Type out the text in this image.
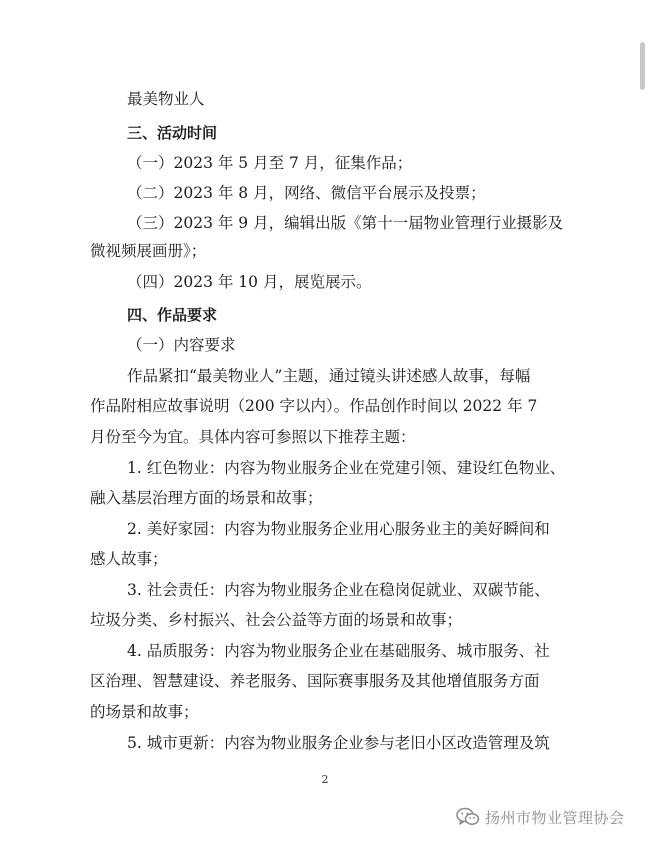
最美物业人
三、活动时间
（一）2023 年 5 月至 7 月，征集作品；
（二）2023 年 8 月，网络、微信平台展示及投票；
（三）2023 年 9 月，编辑出版《第十一届物业管理行业摄影及
微视频展画册》；
（四）2023 年 10 月，展览展示。
四、作品要求
（一）内容要求
作品紧扣“最美物业人”主题，通过镜头讲述感人故事，每幅
作品附相应故事说明（200 字以内）。作品创作时间以 2022 年 7
月份至今为宜。具体内容可参照以下推荐主题：
1. 红色物业：内容为物业服务企业在党建引领、建设红色物业、
融入基层治理方面的场景和故事；
2. 美好家园：内容为物业服务企业用心服务业主的美好瞬间和
感人故事；
3. 社会责任：内容为物业服务企业在稳岗促就业、双碳节能、
垃圾分类、乡村振兴、社会公益等方面的场景和故事；
4. 品质服务：内容为物业服务企业在基础服务、城市服务、社
区治理、智慧建设、养老服务、国际赛事服务及其他增值服务方面
的场景和故事；
5. 城市更新：内容为物业服务企业参与老旧小区改造管理及筑
2
扬州市物业管理协会
